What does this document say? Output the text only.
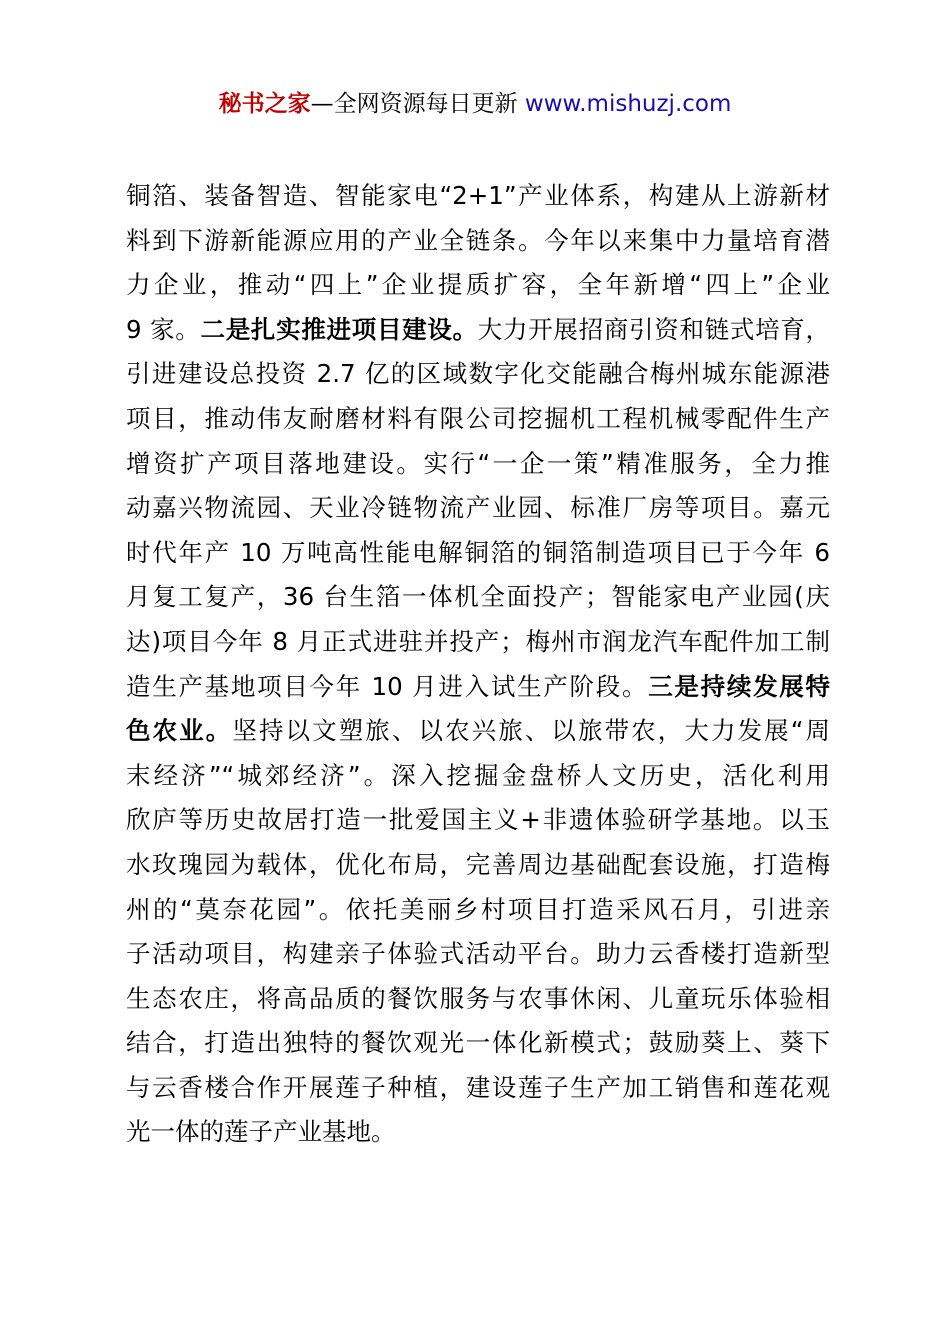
秘书之家—全网资源每日更新 www.mishuzj.com
铜箔、装备智造、智能家电“2+1”产业体系，构建从上游新材
料到下游新能源应用的产业全链条。今年以来集中力量培育潜
力企业，推动“四上”企业提质扩容，全年新增“四上”企业
9 家。二是扎实推进项目建设。大力开展招商引资和链式培育，
引进建设总投资 2.7 亿的区域数字化交能融合梅州城东能源港
项目，推动伟友耐磨材料有限公司挖掘机工程机械零配件生产
增资扩产项目落地建设。实行“一企一策”精准服务，全力推
动嘉兴物流园、天业冷链物流产业园、标准厂房等项目。嘉元
时代年产 10 万吨高性能电解铜箔的铜箔制造项目已于今年 6
月复工复产，36 台生箔一体机全面投产；智能家电产业园(庆
达)项目今年 8 月正式进驻并投产；梅州市润龙汽车配件加工制
造生产基地项目今年 10 月进入试生产阶段。三是持续发展特
色农业。坚持以文塑旅、以农兴旅、以旅带农，大力发展“周
末经济”“城郊经济”。深入挖掘金盘桥人文历史，活化利用
欣庐等历史故居打造一批爱国主义+非遗体验研学基地。以玉
水玫瑰园为载体，优化布局，完善周边基础配套设施，打造梅
州的“莫奈花园”。依托美丽乡村项目打造采风石月，引进亲
子活动项目，构建亲子体验式活动平台。助力云香楼打造新型
生态农庄，将高品质的餐饮服务与农事休闲、儿童玩乐体验相
结合，打造出独特的餐饮观光一体化新模式；鼓励葵上、葵下
与云香楼合作开展莲子种植，建设莲子生产加工销售和莲花观
光一体的莲子产业基地。
